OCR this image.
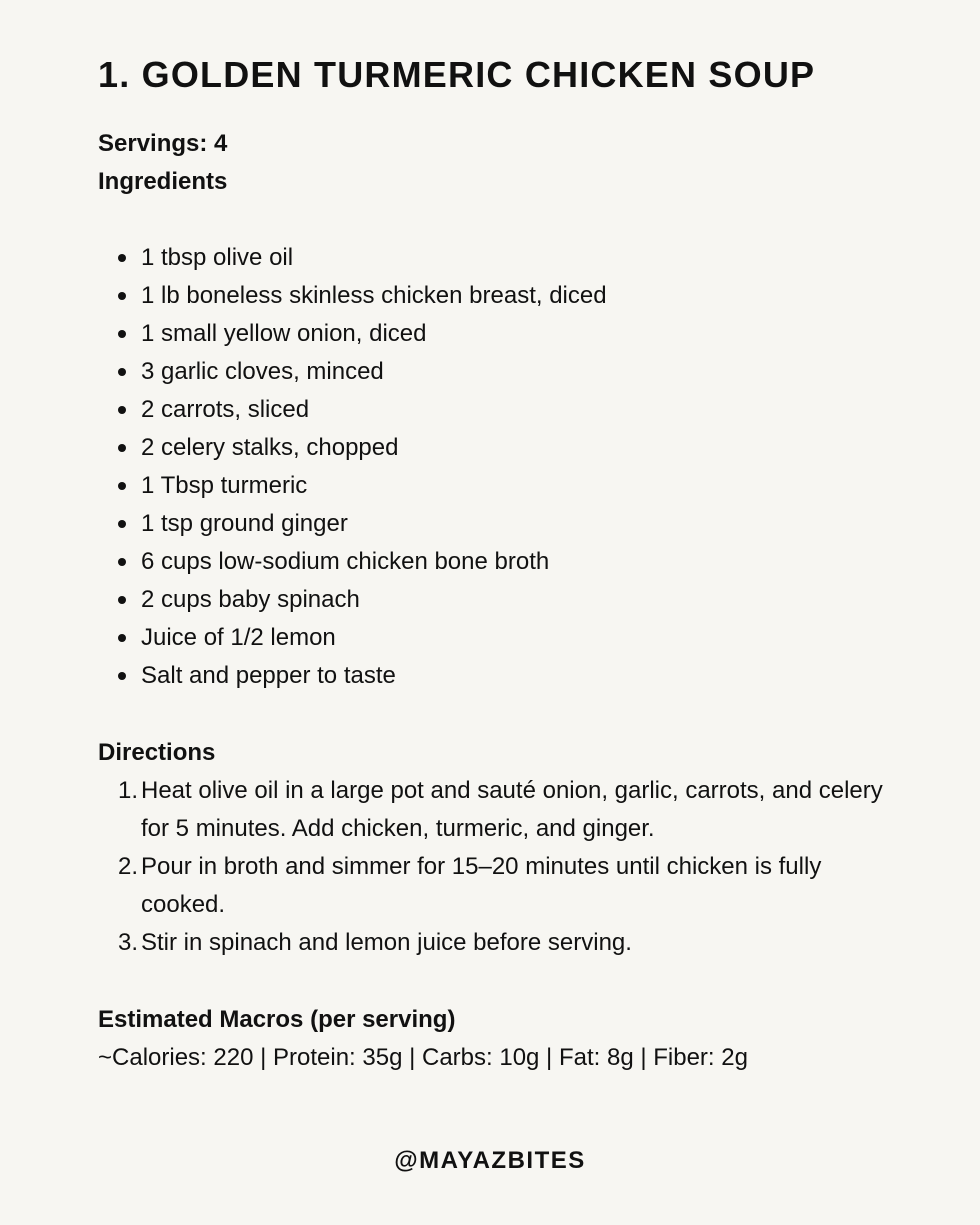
1. GOLDEN TURMERIC CHICKEN SOUP
Servings: 4
Ingredients
1 tbsp olive oil
1 lb boneless skinless chicken breast, diced
1 small yellow onion, diced
3 garlic cloves, minced
2 carrots, sliced
2 celery stalks, chopped
1 Tbsp turmeric
1 tsp ground ginger
6 cups low-sodium chicken bone broth
2 cups baby spinach
Juice of 1/2 lemon
Salt and pepper to taste
Directions
1. Heat olive oil in a large pot and sauté onion, garlic, carrots, and celery for 5 minutes. Add chicken, turmeric, and ginger.
2. Pour in broth and simmer for 15–20 minutes until chicken is fully cooked.
3. Stir in spinach and lemon juice before serving.
Estimated Macros (per serving)
~Calories: 220 | Protein: 35g | Carbs: 10g | Fat: 8g | Fiber: 2g
@MAYAZBITES
